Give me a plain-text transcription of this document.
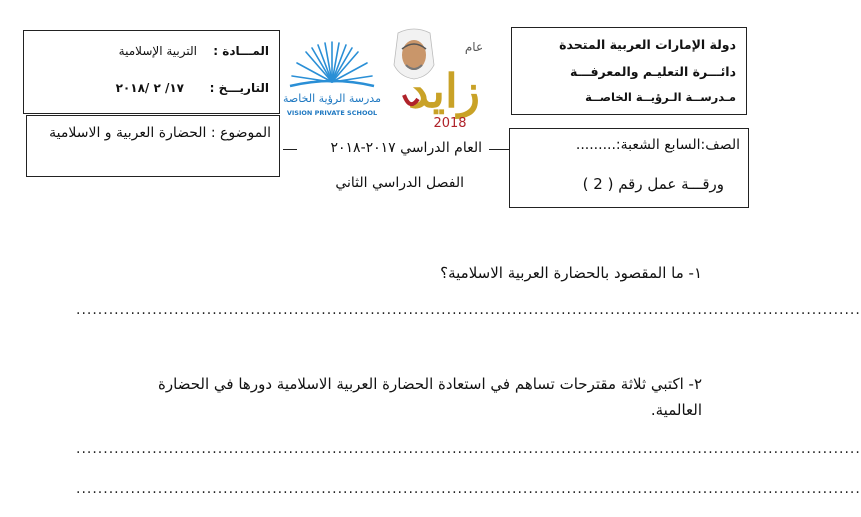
دولة الإمارات العربية المتحدة
دائـــرة التعليـم والمعرفـــة
مـدرســة الـرؤيــة الخاصــة
المـــادة :
التربية الإسلامية
التاريـــخ :
١٧/ ٢ /٢٠١٨
مدرسة الرؤية الخاصة
VISION PRIVATE SCHOOL
عام
زايد
2018
الموضوع : الحضارة العربية و الاسلامية
العام الدراسي ٢٠١٧-٢٠١٨
الفصل الدراسي الثاني
الصف:السابع الشعبة:.........
ورقـــة عمل رقم ( 2 )
١- ما المقصود بالحضارة العربية الاسلامية؟
................................................................................................................................................
٢- اكتبي ثلاثة مقترحات تساهم في استعادة الحضارة العربية الاسلامية دورها في الحضارة
العالمية.
................................................................................................................................................
................................................................................................................................................
